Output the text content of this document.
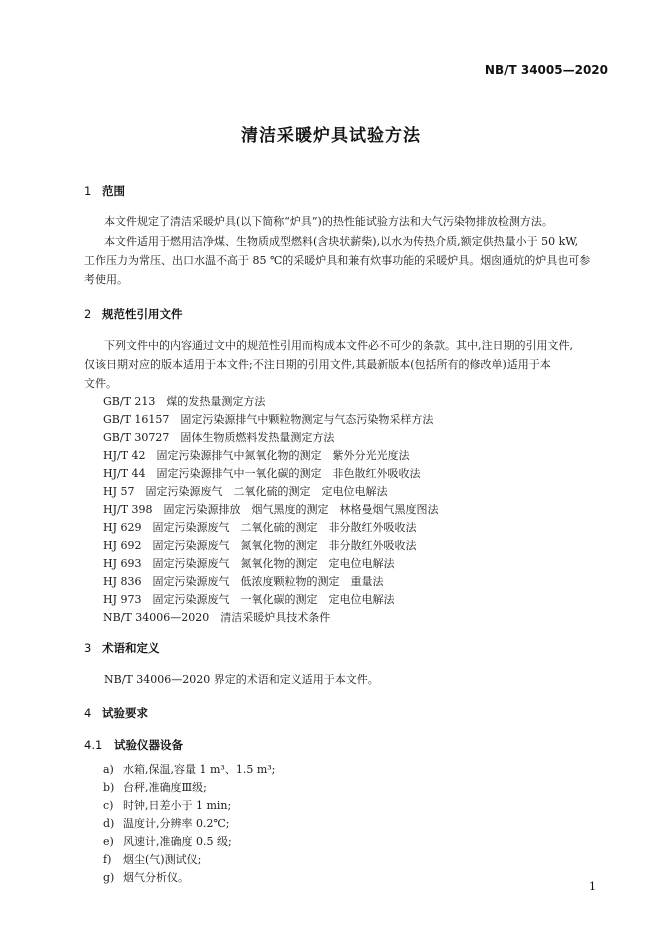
NB/T 34005—2020
清洁采暖炉具试验方法
1 范围
本文件规定了清洁采暖炉具(以下简称“炉具”)的热性能试验方法和大气污染物排放检测方法。
本文件适用于燃用洁净煤、生物质成型燃料(含块状薪柴),以水为传热介质,额定供热量小于 50 kW,
工作压力为常压、出口水温不高于 85 ℃的采暖炉具和兼有炊事功能的采暖炉具。烟囱通炕的炉具也可参
考使用。
2 规范性引用文件
下列文件中的内容通过文中的规范性引用而构成本文件必不可少的条款。其中,注日期的引用文件,
仅该日期对应的版本适用于本文件;不注日期的引用文件,其最新版本(包括所有的修改单)适用于本
文件。
GB/T 213　煤的发热量测定方法
GB/T 16157　固定污染源排气中颗粒物测定与气态污染物采样方法
GB/T 30727　固体生物质燃料发热量测定方法
HJ/T 42　固定污染源排气中氮氧化物的测定　紫外分光光度法
HJ/T 44　固定污染源排气中一氧化碳的测定　非色散红外吸收法
HJ 57　固定污染源废气　二氧化硫的测定　定电位电解法
HJ/T 398　固定污染源排放　烟气黑度的测定　林格曼烟气黑度图法
HJ 629　固定污染源废气　二氧化硫的测定　非分散红外吸收法
HJ 692　固定污染源废气　氮氧化物的测定　非分散红外吸收法
HJ 693　固定污染源废气　氮氧化物的测定　定电位电解法
HJ 836　固定污染源废气　低浓度颗粒物的测定　重量法
HJ 973　固定污染源废气　一氧化碳的测定　定电位电解法
NB/T 34006—2020　清洁采暖炉具技术条件
3 术语和定义
NB/T 34006—2020 界定的术语和定义适用于本文件。
4 试验要求
4.1 试验仪器设备
a) 水箱,保温,容量 1 m³、1.5 m³;
b) 台秤,准确度Ⅲ级;
c) 时钟,日差小于 1 min;
d) 温度计,分辨率 0.2℃;
e) 风速计,准确度 0.5 级;
f) 烟尘(气)测试仪;
g) 烟气分析仪。
1
